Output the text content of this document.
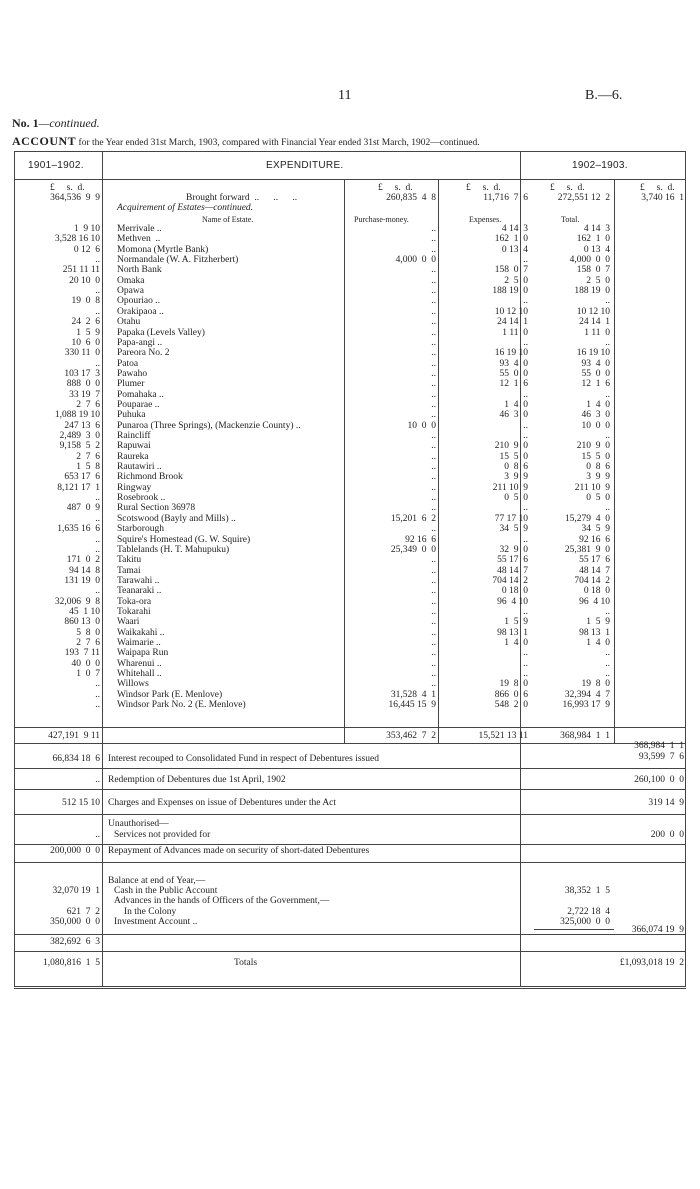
11	B.—6.
No. 1—continued.
ACCOUNT for the Year ended 31st March, 1903, compared with Financial Year ended 31st March, 1902—continued.
1901–1902.	EXPENDITURE.	1902–1903.
£     s.  d.	£     s.  d.	£     s.  d.	£     s.  d.	£     s.  d.
364,536  9  9	Brought forward  ..      ..      ..	260,835  4  8	11,716  7  6	272,551 12  2	3,740 16  1
Acquirement of Estates—continued.
Name of Estate.	Purchase-money.	Expenses.	Total.
1  9 10 Merrivale ..	..	4 14  3	4 14  3
3,528 16 10 Methven  ..	..	162  1  0	162  1  0
0 12  6 Momona (Myrtle Bank)	..	0 13  4	0 13  4
.. Normandale (W. A. Fitzherbert)	4,000  0  0	..	4,000  0  0
251 11 11 North Bank	..	158  0  7	158  0  7
20 10  0 Omaka	..	2  5  0	2  5  0
.. Opawa	..	188 19  0	188 19  0
19  0  8 Opouriao ..	..	..	..
.. Orakipaoa ..	..	10 12 10	10 12 10
24  2  6 Otahu	..	24 14  1	24 14  1
1  5  9 Papaka (Levels Valley)	..	1 11  0	1 11  0
10  6  0 Papa-angi ..	..	..	..
330 11  0 Pareora No. 2	..	16 19 10	16 19 10
.. Patoa	..	93  4  0	93  4  0
103 17  3 Pawaho	..	55  0  0	55  0  0
888  0  0 Plumer	..	12  1  6	12  1  6
33 19  7 Pomahaka ..	..	..	..
2  7  6 Pouparae ..	..	1  4  0	1  4  0
1,088 19 10 Puhuka	..	46  3  0	46  3  0
247 13  6 Punaroa (Three Springs), (Mackenzie County) ..	10  0  0	..	10  0  0
2,489  3  0 Raincliff	..	..	..
9,158  5  2 Rapuwai	..	210  9  0	210  9  0
2  7  6 Raureka	..	15  5  0	15  5  0
1  5  8 Rautawiri ..	..	0  8  6	0  8  6
653 17  6 Richmond Brook	..	3  9  9	3  9  9
8,121 17  1 Ringway	..	211 10  9	211 10  9
.. Rosebrook ..	..	0  5  0	0  5  0
487  0  9 Rural Section 36978	..	..	..
.. Scotswood (Bayly and Mills) ..	15,201  6  2	77 17 10	15,279  4  0
1,635 16  6 Starborough	..	34  5  9	34  5  9
.. Squire's Homestead (G. W. Squire)	92 16  6	..	92 16  6
.. Tablelands (H. T. Mahupuku)	25,349  0  0	32  9  0	25,381  9  0
171  0  2 Takitu	..	55 17  6	55 17  6
94 14  8 Tamai	..	48 14  7	48 14  7
131 19  0 Tarawahi ..	..	704 14  2	704 14  2
.. Teanaraki ..	..	0 18  0	0 18  0
32,006  9  8 Toka-ora	..	96  4 10	96  4 10
45  1 10 Tokarahi	..	..	..
860 13  0 Waari	..	1  5  9	1  5  9
5  8  0 Waikakahi ..	..	98 13  1	98 13  1
2  7  6 Waimarie ..	..	1  4  0	1  4  0
193  7 11 Waipapa Run	..	..	..
40  0  0 Wharenui ..	..	..	..
1  0  7 Whitehall ..	..	..	..
.. Willows	..	19  8  0	19  8  0
.. Windsor Park (E. Menlove)	31,528  4  1	866  0  6	32,394  4  7
.. Windsor Park No. 2 (E. Menlove)	16,445 15  9	548  2  0	16,993 17  9
427,191  9 11	353,462  7  2	15,521 13 11	368,984  1  1
368,984  1  1
66,834 18  6 Interest recouped to Consolidated Fund in respect of Debentures issued	93,599  7  6
.. Redemption of Debentures due 1st April, 1902	260,100  0  0
512 15 10 Charges and Expenses on issue of Debentures under the Act	319 14  9
Unauthorised—
.. Services not provided for	200  0  0
200,000  0  0 Repayment of Advances made on security of short-dated Debentures
Balance at end of Year,—
32,070 19  1 Cash in the Public Account	38,352  1  5
Advances in the hands of Officers of the Government,—
621  7  2	In the Colony	2,722 18  4
350,000  0  0 Investment Account ..	325,000  0  0
366,074 19  9
382,692  6  3
1,080,816  1  5	Totals	£1,093,018 19  2
